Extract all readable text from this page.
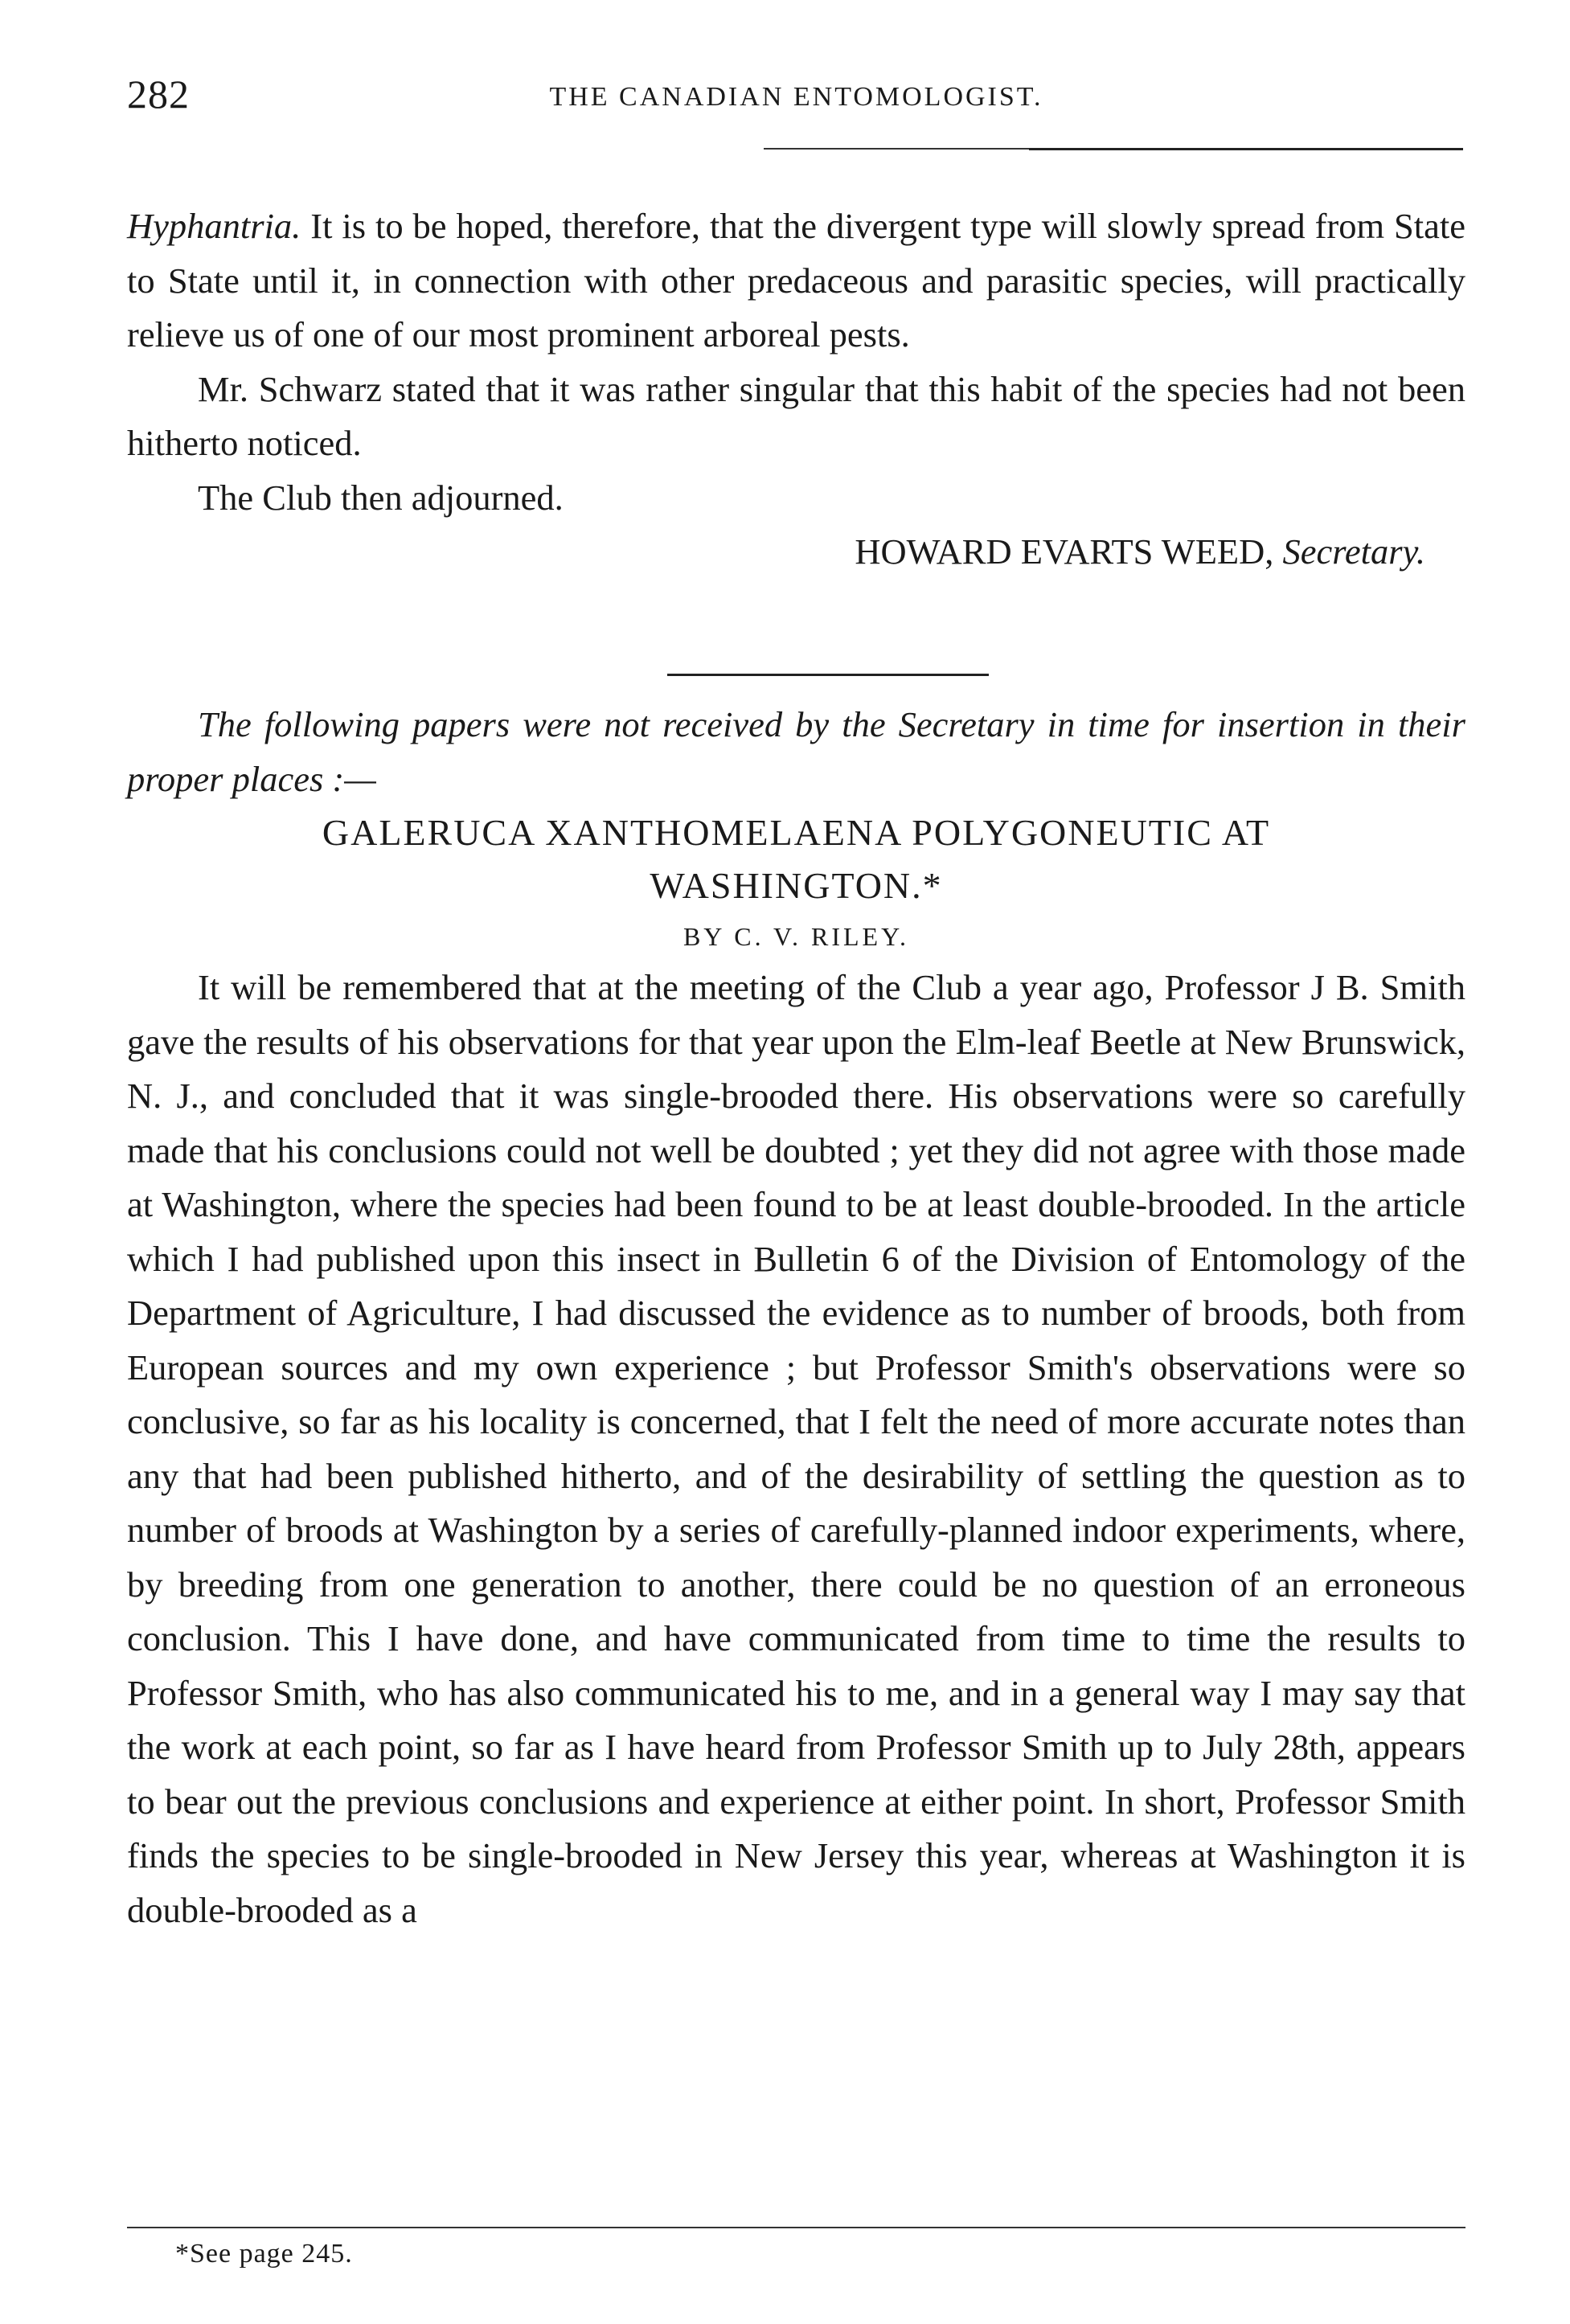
282	THE CANADIAN ENTOMOLOGIST.

Hyphantria. It is to be hoped, therefore, that the divergent type will slowly spread from State to State until it, in connection with other predaceous and parasitic species, will practically relieve us of one of our most prominent arboreal pests.

Mr. Schwarz stated that it was rather singular that this habit of the species had not been hitherto noticed.

The Club then adjourned.

HOWARD EVARTS WEED, Secretary.

The following papers were not received by the Secretary in time for insertion in their proper places :—

GALERUCA XANTHOMELAENA POLYGONEUTIC AT

WASHINGTON.*

BY C. V. RILEY.

It will be remembered that at the meeting of the Club a year ago, Professor J B. Smith gave the results of his observations for that year upon the Elm-leaf Beetle at New Brunswick, N. J., and concluded that it was single-brooded there. His observations were so carefully made that his conclusions could not well be doubted ; yet they did not agree with those made at Washington, where the species had been found to be at least double-brooded. In the article which I had published upon this insect in Bulletin 6 of the Division of Entomology of the Department of Agriculture, I had discussed the evidence as to number of broods, both from European sources and my own experience ; but Professor Smith's observations were so conclusive, so far as his locality is concerned, that I felt the need of more accurate notes than any that had been published hitherto, and of the desirability of settling the question as to number of broods at Washington by a series of carefully-planned indoor experiments, where, by breeding from one generation to another, there could be no question of an erroneous conclusion. This I have done, and have communicated from time to time the results to Professor Smith, who has also communicated his to me, and in a general way I may say that the work at each point, so far as I have heard from Professor Smith up to July 28th, appears to bear out the previous conclusions and experience at either point. In short, Professor Smith finds the species to be single-brooded in New Jersey this year, whereas at Washington it is double-brooded as a

*See page 245.
